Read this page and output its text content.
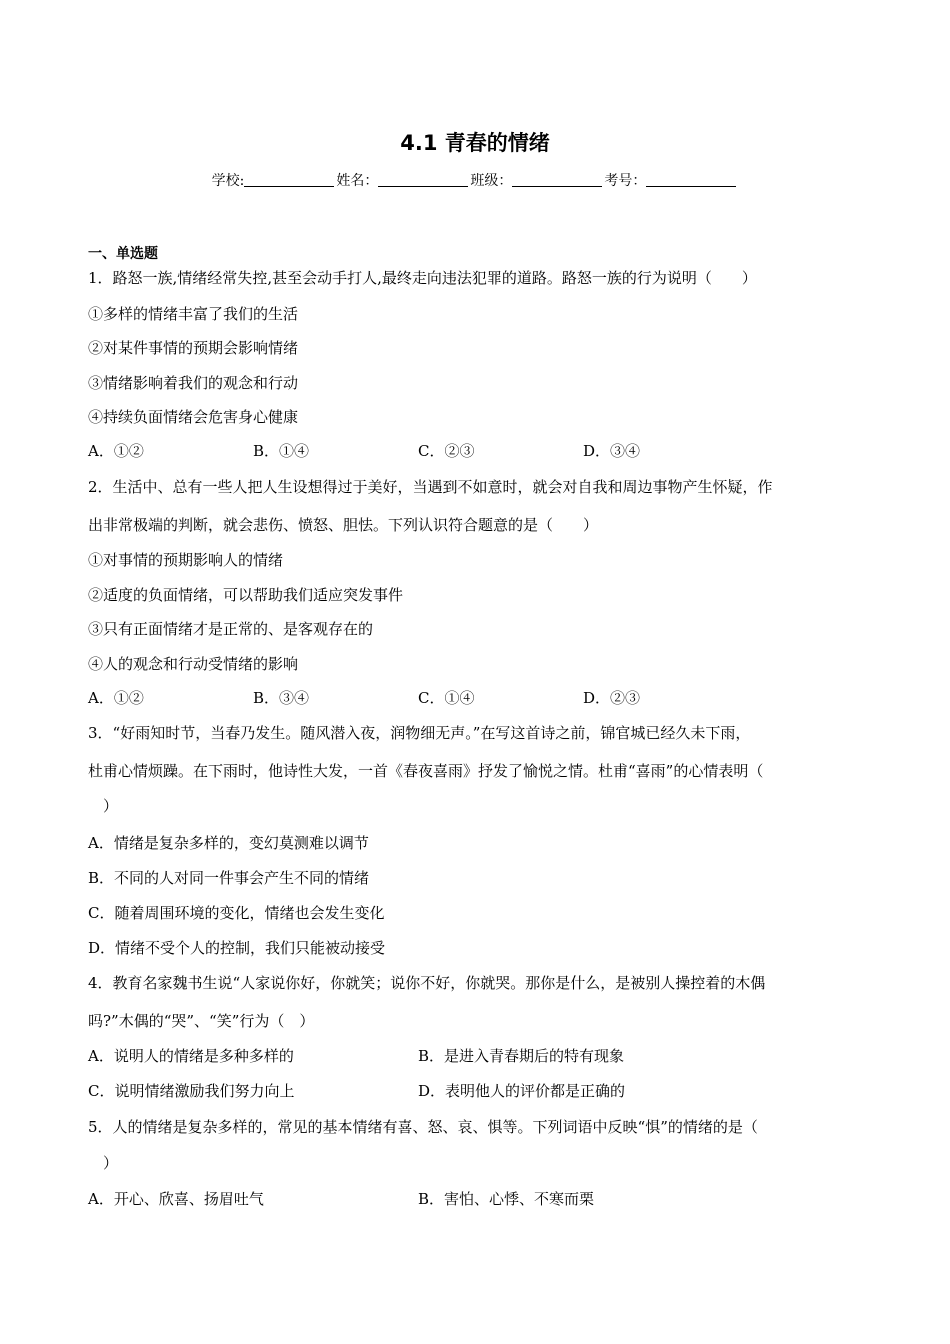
4.1 青春的情绪
学校:	姓名：	班级：	考号：
一、单选题
1．路怒一族,情绪经常失控,甚至会动手打人,最终走向违法犯罪的道路。路怒一族的行为说明（　　）
①多样的情绪丰富了我们的生活
②对某件事情的预期会影响情绪
③情绪影响着我们的观念和行动
④持续负面情绪会危害身心健康
A．①②	B．①④	C．②③	D．③④
2．生活中、总有一些人把人生设想得过于美好，当遇到不如意时，就会对自我和周边事物产生怀疑，作
出非常极端的判断，就会悲伤、愤怒、胆怯。下列认识符合题意的是（　　）
①对事情的预期影响人的情绪
②适度的负面情绪，可以帮助我们适应突发事件
③只有正面情绪才是正常的、是客观存在的
④人的观念和行动受情绪的影响
A．①②	B．③④	C．①④	D．②③
3．“好雨知时节，当春乃发生。随风潜入夜，润物细无声。”在写这首诗之前，锦官城已经久未下雨，
杜甫心情烦躁。在下雨时，他诗性大发，一首《春夜喜雨》抒发了愉悦之情。杜甫“喜雨”的心情表明（
　）
A．情绪是复杂多样的，变幻莫测难以调节
B．不同的人对同一件事会产生不同的情绪
C．随着周围环境的变化，情绪也会发生变化
D．情绪不受个人的控制，我们只能被动接受
4．教育名家魏书生说“人家说你好，你就笑；说你不好，你就哭。那你是什么，是被别人操控着的木偶
吗?”木偶的“哭”、“笑”行为（　）
A．说明人的情绪是多种多样的	B．是进入青春期后的特有现象
C．说明情绪激励我们努力向上	D．表明他人的评价都是正确的
5．人的情绪是复杂多样的，常见的基本情绪有喜、怒、哀、惧等。下列词语中反映“惧”的情绪的是（
　）
A．开心、欣喜、扬眉吐气	B．害怕、心悸、不寒而栗
